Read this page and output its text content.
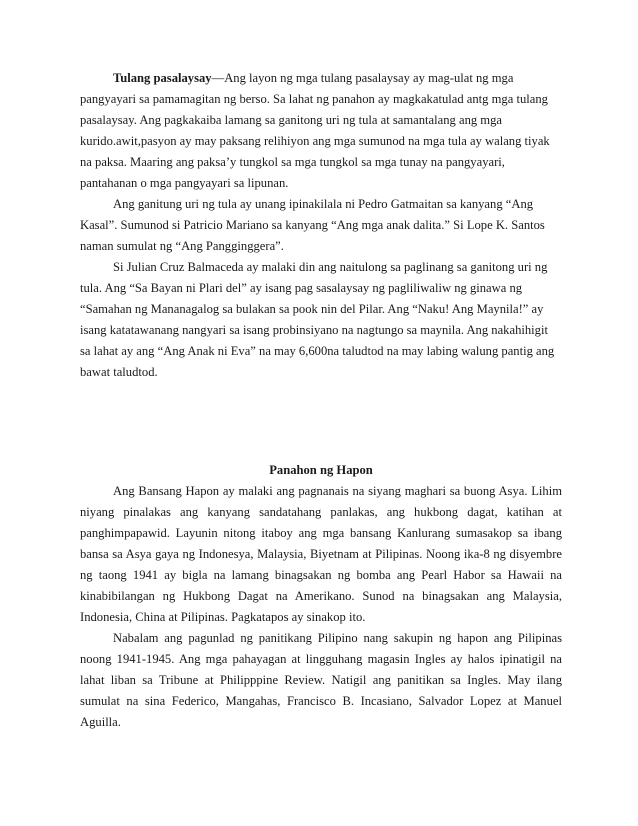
Tulang pasalaysay—Ang layon ng mga tulang pasalaysay ay mag-ulat ng mga pangyayari sa pamamagitan ng berso. Sa lahat ng panahon ay magkakatulad antg mga tulang pasalaysay. Ang pagkakaiba lamang sa ganitong uri ng tula at samantalang ang mga kurido.awit,pasyon ay may paksang relihiyon ang mga sumunod na mga tula ay walang tiyak na paksa. Maaring ang paksa’y tungkol sa mga tungkol sa mga tunay na pangyayari, pantahanan o mga pangyayari sa lipunan.

Ang ganitung uri ng tula ay unang ipinakilala ni Pedro Gatmaitan sa kanyang “Ang Kasal”. Sumunod si Patricio Mariano sa kanyang “Ang mga anak dalita.” Si Lope K. Santos naman sumulat ng “Ang Pangginggera”.

Si Julian Cruz Balmaceda ay malaki din ang naitulong sa paglinang sa ganitong uri ng tula. Ang “Sa Bayan ni Plari del” ay isang pag sasalaysay ng pagliliwaliw ng ginawa ng “Samahan ng Mananagalog sa bulakan sa pook nin del Pilar. Ang “Naku! Ang Maynila!” ay isang katatawanang nangyari sa isang probinsiyano na nagtungo sa maynila. Ang nakahihigit sa lahat ay ang “Ang Anak ni Eva” na may 6,600na taludtod na may labing walung pantig ang bawat taludtod.

Panahon ng Hapon

Ang Bansang Hapon ay malaki ang pagnanais na siyang maghari sa buong Asya. Lihim niyang pinalakas ang kanyang sandatahang panlakas, ang hukbong dagat, katihan at panghimpapawid. Layunin nitong itaboy ang mga bansang Kanlurang sumasakop sa ibang bansa sa Asya gaya ng Indonesya, Malaysia, Biyetnam at Pilipinas. Noong ika-8 ng disyembre ng taong 1941 ay bigla na lamang binagsakan ng bomba ang Pearl Habor sa Hawaii na kinabibilangan ng Hukbong Dagat na Amerikano. Sunod na binagsakan ang Malaysia, Indonesia, China at Pilipinas. Pagkatapos ay sinakop ito.

Nabalam ang pagunlad ng panitikang Pilipino nang sakupin ng hapon ang Pilipinas noong 1941-1945. Ang mga pahayagan at lingguhang magasin Ingles ay halos ipinatigil na lahat liban sa Tribune at Philipppine Review. Natigil ang panitikan sa Ingles. May ilang sumulat na sina Federico, Mangahas, Francisco B. Incasiano, Salvador Lopez at Manuel Aguilla.
